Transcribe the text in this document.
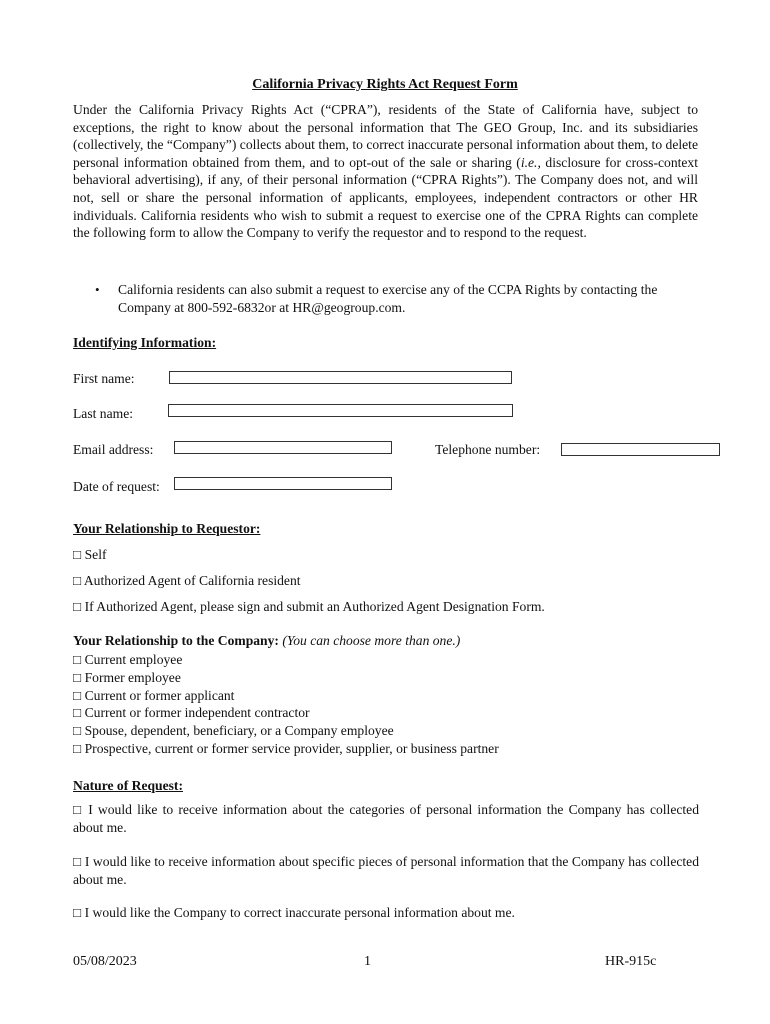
California Privacy Rights Act Request Form
Under the California Privacy Rights Act (“CPRA”), residents of the State of California have, subject to exceptions, the right to know about the personal information that The GEO Group, Inc. and its subsidiaries (collectively, the “Company”) collects about them, to correct inaccurate personal information about them, to delete personal information obtained from them, and to opt-out of the sale or sharing (i.e., disclosure for cross-context behavioral advertising), if any, of their personal information (“CPRA Rights”). The Company does not, and will not, sell or share the personal information of applicants, employees, independent contractors or other HR individuals. California residents who wish to submit a request to exercise one of the CPRA Rights can complete the following form to allow the Company to verify the requestor and to respond to the request.
• California residents can also submit a request to exercise any of the CCPA Rights by contacting the Company at 800-592-6832or at HR@geogroup.com.
Identifying Information:
First name:
Last name:
Email address:	Telephone number:
Date of request:
Your Relationship to Requestor:
□ Self
□ Authorized Agent of California resident
□ If Authorized Agent, please sign and submit an Authorized Agent Designation Form.
Your Relationship to the Company: (You can choose more than one.)
□ Current employee
□ Former employee
□ Current or former applicant
□ Current or former independent contractor
□ Spouse, dependent, beneficiary, or a Company employee
□ Prospective, current or former service provider, supplier, or business partner
Nature of Request:
□ I would like to receive information about the categories of personal information the Company has collected about me.
□ I would like to receive information about specific pieces of personal information that the Company has collected about me.
□ I would like the Company to correct inaccurate personal information about me.
05/08/2023	1	HR-915c
